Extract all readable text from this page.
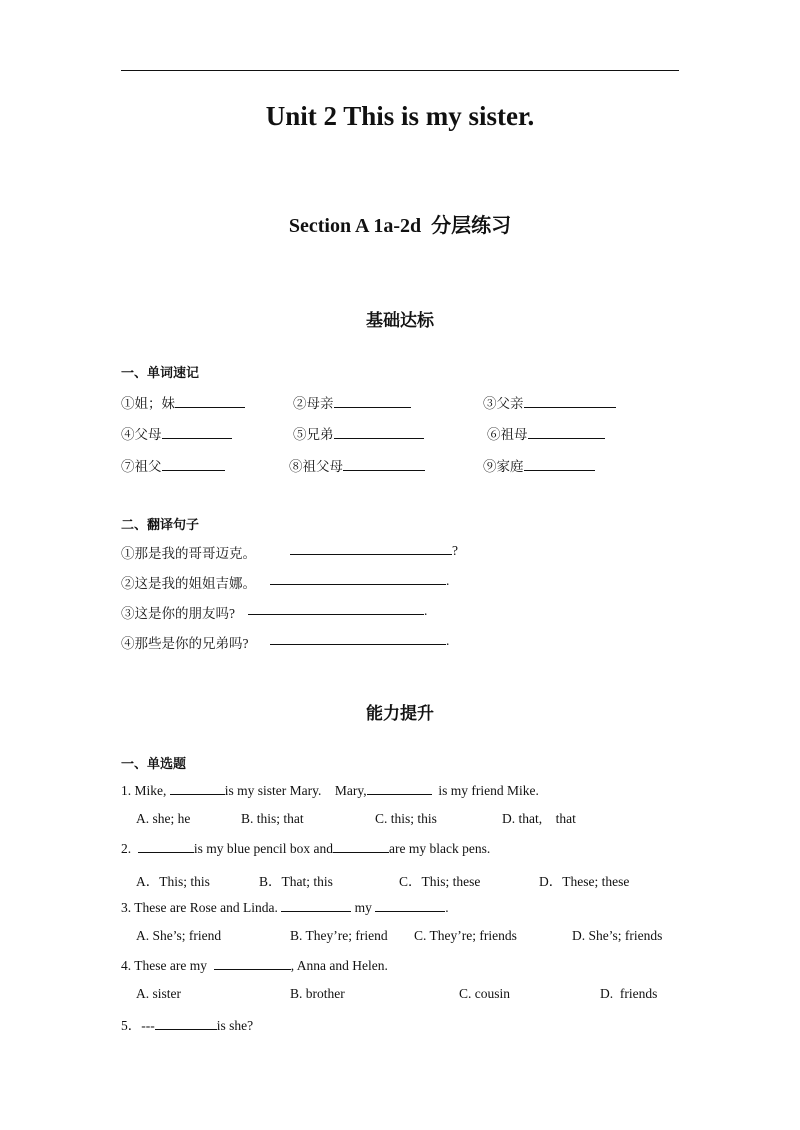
Unit 2 This is my sister.
Section A 1a-2d  分层练习
基础达标
一、单词速记
①姐；妹	②母亲	③父亲
④父母	⑤兄弟	⑥祖母
⑦祖父	⑧祖父母	⑨家庭
二、翻译句子
①那是我的哥哥迈克。	?
②这是我的姐姐吉娜。	.
③这是你的朋友吗?	.
④那些是你的兄弟吗?	.
能力提升
一、单选题
1. Mike,	is my sister Mary.    Mary,	is my friend Mike.
A. she; he	B. this; that	C. this; this	D. that,    that
2.	is my blue pencil box and	are my black pens.
A．This; this	B．That; this	C．This; these	D．These; these
3. These are Rose and Linda.	my	.
A. She’s; friend	B. They’re; friend C. They’re; friends	D. She’s; friends
4. These are my	, Anna and Helen.
A. sister	B. brother	C. cousin	D.  friends
5．---	is she?
